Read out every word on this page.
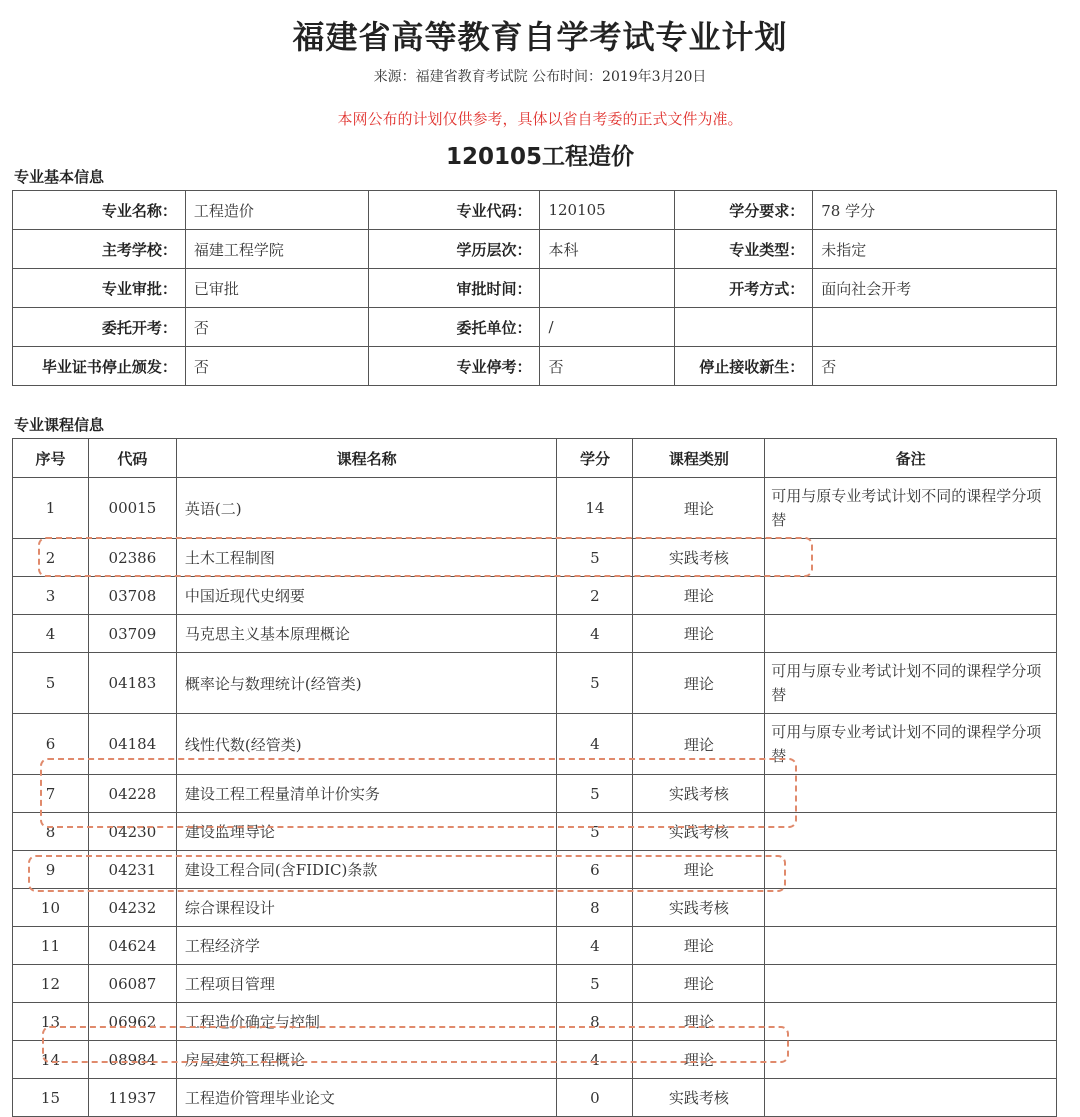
福建省高等教育自学考试专业计划
来源：福建省教育考试院 公布时间：2019年3月20日
本网公布的计划仅供参考，具体以省自考委的正式文件为准。
120105工程造价
专业基本信息
专业名称：	工程造价	专业代码：	120105	学分要求：	78 学分
主考学校：	福建工程学院	学历层次：	本科	专业类型：	未指定
专业审批：	已审批	审批时间：		开考方式：	面向社会开考
委托开考：	否	委托单位：	/		
毕业证书停止颁发：	否	专业停考：	否	停止接收新生：	否
专业课程信息
序号	代码	课程名称	学分	课程类别	备注
1	00015	英语(二)	14	理论	可用与原专业考试计划不同的课程学分项替
2	02386	土木工程制图	5	实践考核	
3	03708	中国近现代史纲要	2	理论	
4	03709	马克思主义基本原理概论	4	理论	
5	04183	概率论与数理统计(经管类)	5	理论	可用与原专业考试计划不同的课程学分项替
6	04184	线性代数(经管类)	4	理论	可用与原专业考试计划不同的课程学分项替
7	04228	建设工程工程量清单计价实务	5	实践考核	
8	04230	建设监理导论	5	实践考核	
9	04231	建设工程合同(含FIDIC)条款	6	理论	
10	04232	综合课程设计	8	实践考核	
11	04624	工程经济学	4	理论	
12	06087	工程项目管理	5	理论	
13	06962	工程造价确定与控制	8	理论	
14	08984	房屋建筑工程概论	4	理论	
15	11937	工程造价管理毕业论文	0	实践考核	
